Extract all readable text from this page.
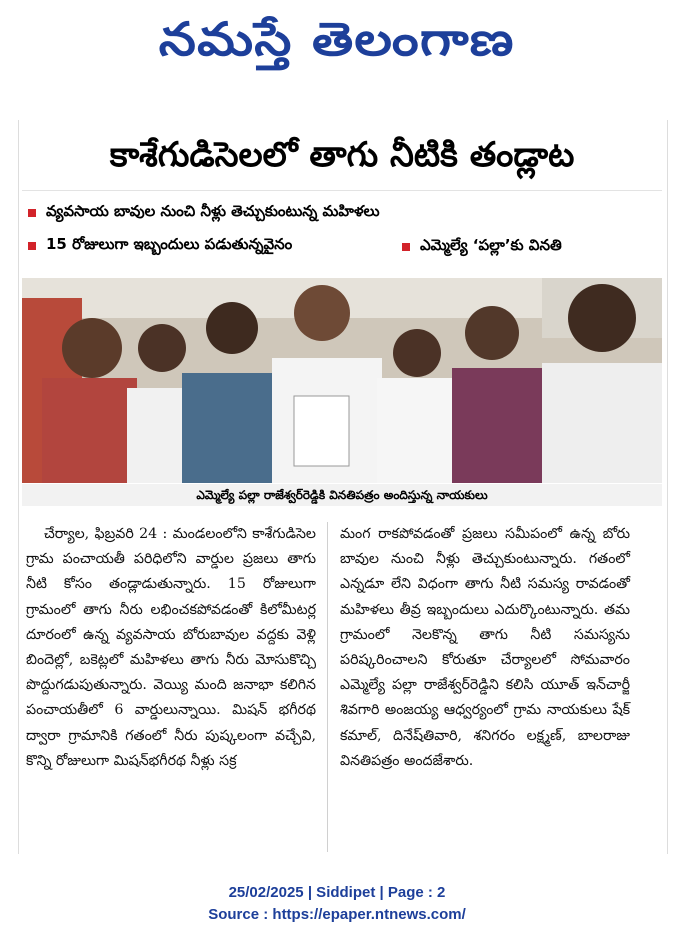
నమస్తే తెలంగాణ
కాశేగుడిసెలలో తాగు నీటికి తండ్లాట
వ్యవసాయ బావుల నుంచి నీళ్లు తెచ్చుకుంటున్న మహిళలు
15 రోజులుగా ఇబ్బందులు పడుతున్నవైనం	ఎమ్మెల్యే ‘పల్లా’కు వినతి
ఎమ్మెల్యే పల్లా రాజేశ్వర్‌రెడ్డికి వినతిపత్రం అందిస్తున్న నాయకులు

చేర్యాల, ఫిబ్రవరి 24 : మండలంలోని కాశేగుడిసెల గ్రామ పంచాయతీ పరిధిలోని వార్డుల ప్రజలు తాగు నీటి కోసం తండ్లాడుతున్నారు. 15 రోజులుగా గ్రామంలో తాగు నీరు లభించకపోవడంతో కిలోమీటర్ల దూరంలో ఉన్న వ్యవసాయ బోరుబావుల వద్దకు వెళ్లి బిందెల్లో, బకెట్లలో మహిళలు తాగు నీరు మోసుకొచ్చి పొద్దుగడుపుతున్నారు. వెయ్యి మంది జనాభా కలిగిన పంచాయతీలో 6 వార్డులున్నాయి. మిషన్ భగీరథ ద్వారా గ్రామానికి గతంలో నీరు పుష్కలంగా వచ్చేవి, కొన్ని రోజులుగా మిషన్‌భగీరథ నీళ్లు సక్ర

మంగ రాకపోవడంతో ప్రజలు సమీపంలో ఉన్న బోరు బావుల నుంచి నీళ్లు తెచ్చుకుంటున్నారు. గతంలో ఎన్నడూ లేని విధంగా తాగు నీటి సమస్య రావడంతో మహిళలు తీవ్ర ఇబ్బందులు ఎదుర్కొంటున్నారు. తమ గ్రామంలో నెలకొన్న తాగు నీటి సమస్యను పరిష్కరించాలని కోరుతూ చేర్యాలలో సోమవారం ఎమ్మెల్యే పల్లా రాజేశ్వర్‌రెడ్డిని కలిసి యూత్ ఇన్‌చార్జీ శివగారి అంజయ్య ఆధ్వర్యంలో గ్రామ నాయకులు షేక్ కమాల్, దినేష్‌తివారి, శనిగరం లక్ష్మణ్, బాలరాజు వినతిపత్రం అందజేశారు.

25/02/2025 | Siddipet | Page : 2
Source : https://epaper.ntnews.com/
